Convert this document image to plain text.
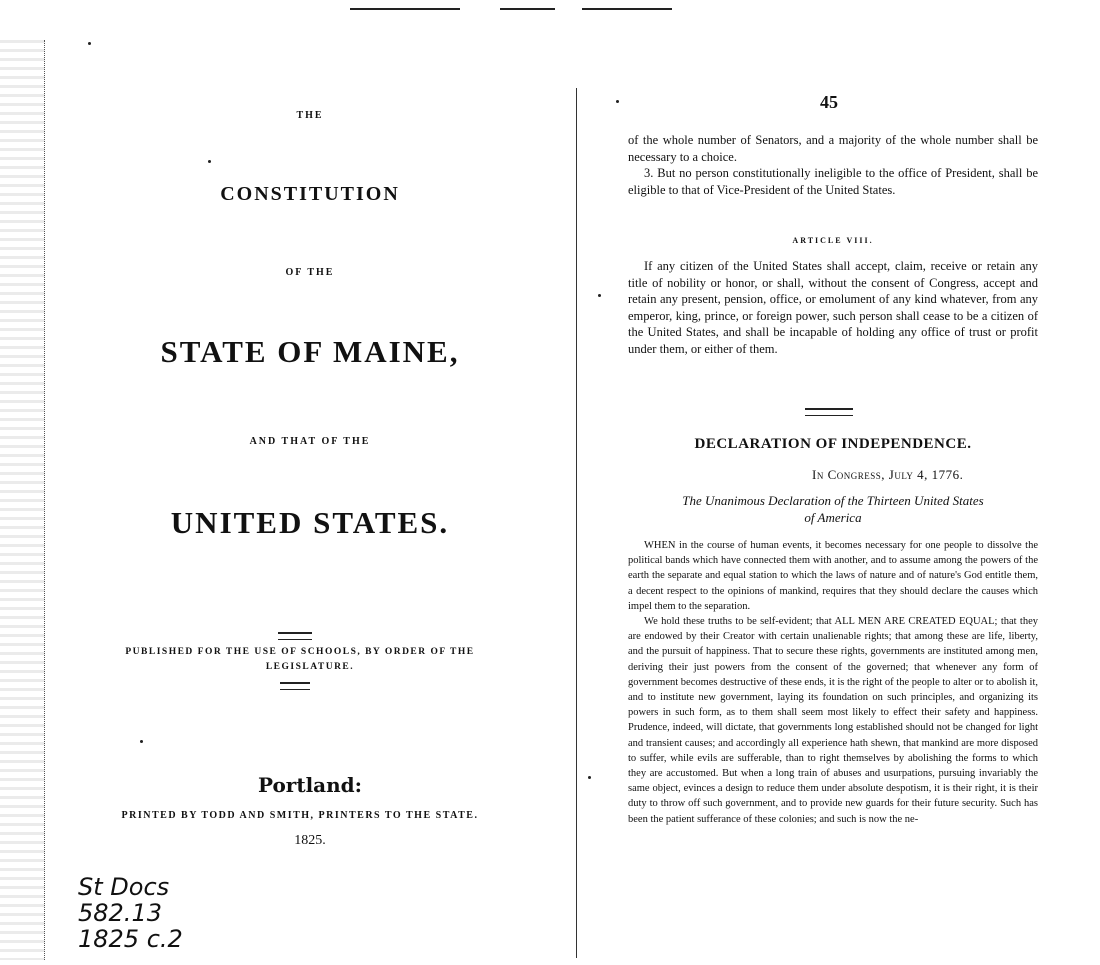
THE
CONSTITUTION
OF THE
STATE OF MAINE,
AND THAT OF THE
UNITED STATES.
PUBLISHED FOR THE USE OF SCHOOLS, BY ORDER OF THE
LEGISLATURE.
Portland:
PRINTED BY TODD AND SMITH, PRINTERS TO THE STATE.
1825.
St Docs
582.13
1825 c.2
45

of the whole number of Senators, and a majority of the whole number shall be necessary to a choice.

3. But no person constitutionally ineligible to the office of President, shall be eligible to that of Vice-President of the United States.

ARTICLE VIII.

If any citizen of the United States shall accept, claim, receive or retain any title of nobility or honor, or shall, without the consent of Congress, accept and retain any present, pension, office, or emolument of any kind whatever, from any emperor, king, prince, or foreign power, such person shall cease to be a citizen of the United States, and shall be incapable of holding any office of trust or profit under them, or either of them.

DECLARATION OF INDEPENDENCE.
In Congress, July 4, 1776.
The Unanimous Declaration of the Thirteen United States
of America

WHEN in the course of human events, it becomes necessary for one people to dissolve the political bands which have connected them with another, and to assume among the powers of the earth the separate and equal station to which the laws of nature and of nature's God entitle them, a decent respect to the opinions of mankind, requires that they should declare the causes which impel them to the separation.

We hold these truths to be self-evident; that ALL MEN ARE CREATED EQUAL; that they are endowed by their Creator with certain unalienable rights; that among these are life, liberty, and the pursuit of happiness. That to secure these rights, governments are instituted among men, deriving their just powers from the consent of the governed; that whenever any form of government becomes destructive of these ends, it is the right of the people to alter or to abolish it, and to institute new government, laying its foundation on such principles, and organizing its powers in such form, as to them shall seem most likely to effect their safety and happiness. Prudence, indeed, will dictate, that governments long established should not be changed for light and transient causes; and accordingly all experience hath shewn, that mankind are more disposed to suffer, while evils are sufferable, than to right themselves by abolishing the forms to which they are accustomed. But when a long train of abuses and usurpations, pursuing invariably the same object, evinces a design to reduce them under absolute despotism, it is their right, it is their duty to throw off such government, and to provide new guards for their future security. Such has been the patient sufferance of these colonies; and such is now the ne-
